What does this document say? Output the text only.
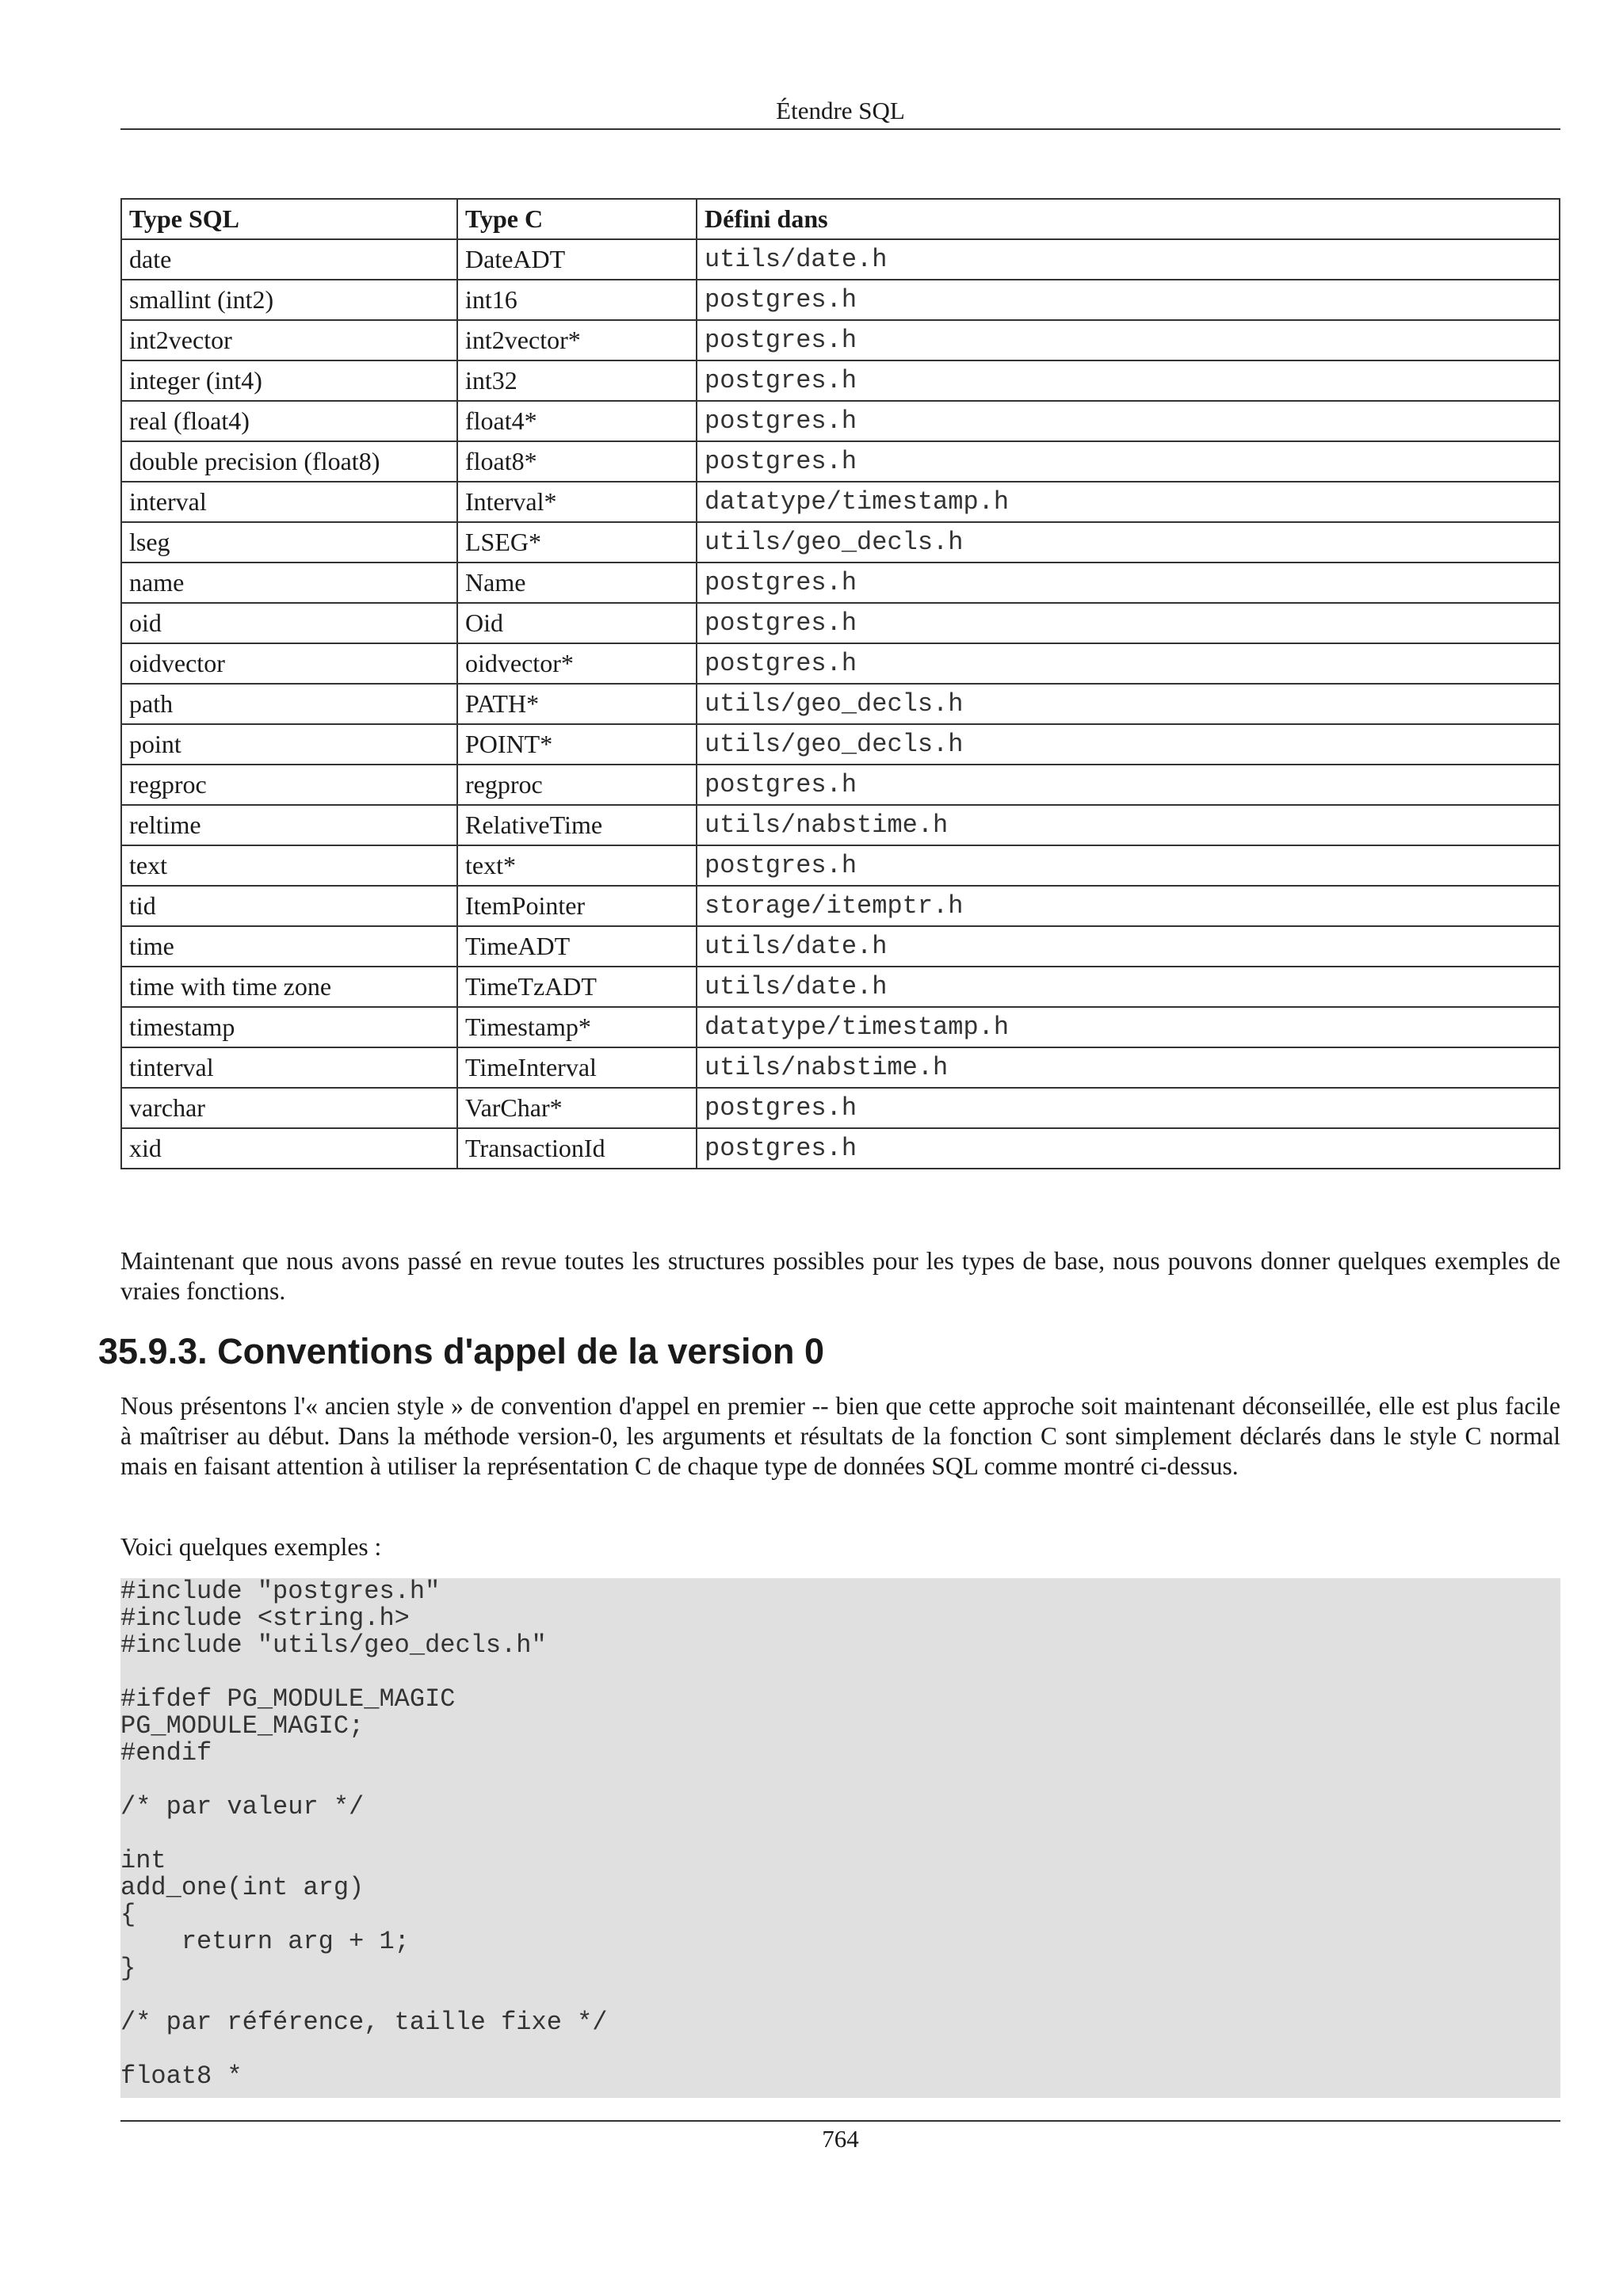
Étendre SQL
Type SQL	Type C	Défini dans
date	DateADT	utils/date.h
smallint (int2)	int16	postgres.h
int2vector	int2vector*	postgres.h
integer (int4)	int32	postgres.h
real (float4)	float4*	postgres.h
double precision (float8)	float8*	postgres.h
interval	Interval*	datatype/timestamp.h
lseg	LSEG*	utils/geo_decls.h
name	Name	postgres.h
oid	Oid	postgres.h
oidvector	oidvector*	postgres.h
path	PATH*	utils/geo_decls.h
point	POINT*	utils/geo_decls.h
regproc	regproc	postgres.h
reltime	RelativeTime	utils/nabstime.h
text	text*	postgres.h
tid	ItemPointer	storage/itemptr.h
time	TimeADT	utils/date.h
time with time zone	TimeTzADT	utils/date.h
timestamp	Timestamp*	datatype/timestamp.h
tinterval	TimeInterval	utils/nabstime.h
varchar	VarChar*	postgres.h
xid	TransactionId	postgres.h

Maintenant que nous avons passé en revue toutes les structures possibles pour les types de base, nous pouvons donner quelques exemples de vraies fonctions.

35.9.3. Conventions d'appel de la version 0

Nous présentons l'« ancien style » de convention d'appel en premier -- bien que cette approche soit maintenant déconseillée, elle est plus facile à maîtriser au début. Dans la méthode version-0, les arguments et résultats de la fonction C sont simplement déclarés dans le style C normal mais en faisant attention à utiliser la représentation C de chaque type de données SQL comme montré ci-dessus.

Voici quelques exemples :

#include "postgres.h"
#include <string.h>
#include "utils/geo_decls.h"
#ifdef PG_MODULE_MAGIC
PG_MODULE_MAGIC;
#endif
/* par valeur */
int
add_one(int arg)
{
return arg + 1;
}
/* par référence, taille fixe */
float8 *
764
